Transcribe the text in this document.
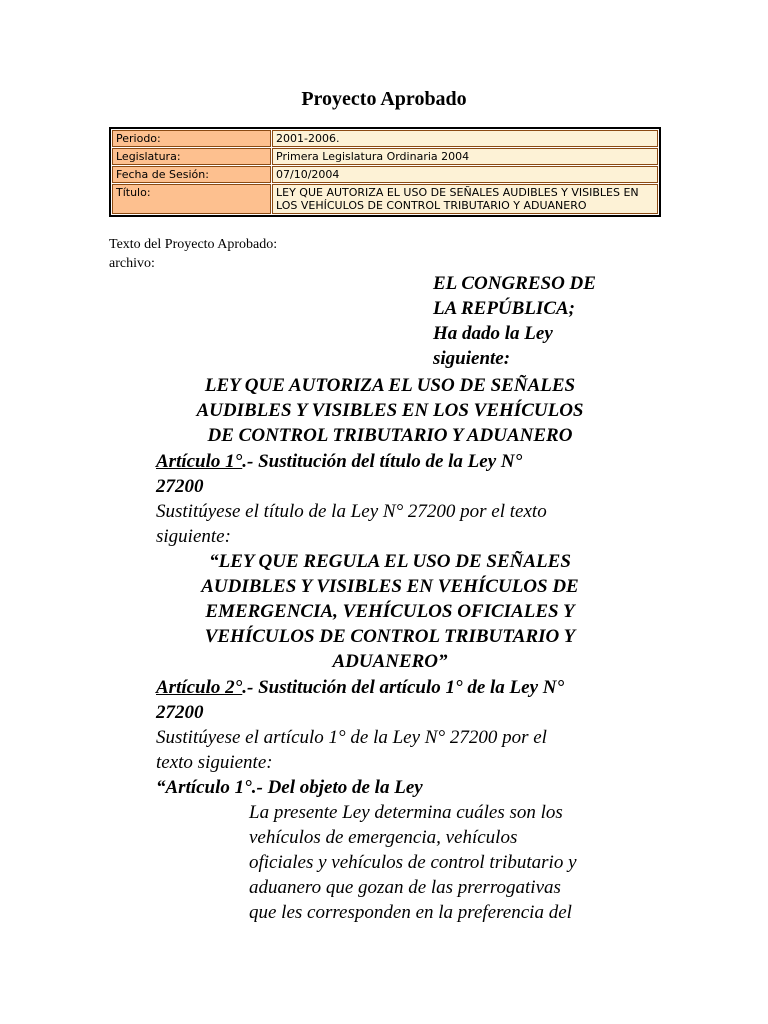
Proyecto Aprobado
Periodo:	2001-2006.
Legislatura:	Primera Legislatura Ordinaria 2004
Fecha de Sesión:	07/10/2004
Título:	LEY QUE AUTORIZA EL USO DE SEÑALES AUDIBLES Y VISIBLES EN LOS VEHÍCULOS DE CONTROL TRIBUTARIO Y ADUANERO
Texto del Proyecto Aprobado:
archivo:
EL CONGRESO DE
LA REPÚBLICA;
Ha dado la Ley
siguiente:
LEY QUE AUTORIZA EL USO DE SEÑALES
AUDIBLES Y VISIBLES EN LOS VEHÍCULOS
DE CONTROL TRIBUTARIO Y ADUANERO
Artículo 1°.- Sustitución del título de la Ley N°
27200
Sustitúyese el título de la Ley N° 27200 por el texto
siguiente:
“LEY QUE REGULA EL USO DE SEÑALES
AUDIBLES Y VISIBLES EN VEHÍCULOS DE
EMERGENCIA, VEHÍCULOS OFICIALES Y
VEHÍCULOS DE CONTROL TRIBUTARIO Y
ADUANERO”
Artículo 2°.- Sustitución del artículo 1° de la Ley N°
27200
Sustitúyese el artículo 1° de la Ley N° 27200 por el
texto siguiente:
“Artículo 1°.- Del objeto de la Ley
La presente Ley determina cuáles son los
vehículos de emergencia, vehículos
oficiales y vehículos de control tributario y
aduanero que gozan de las prerrogativas
que les corresponden en la preferencia del
